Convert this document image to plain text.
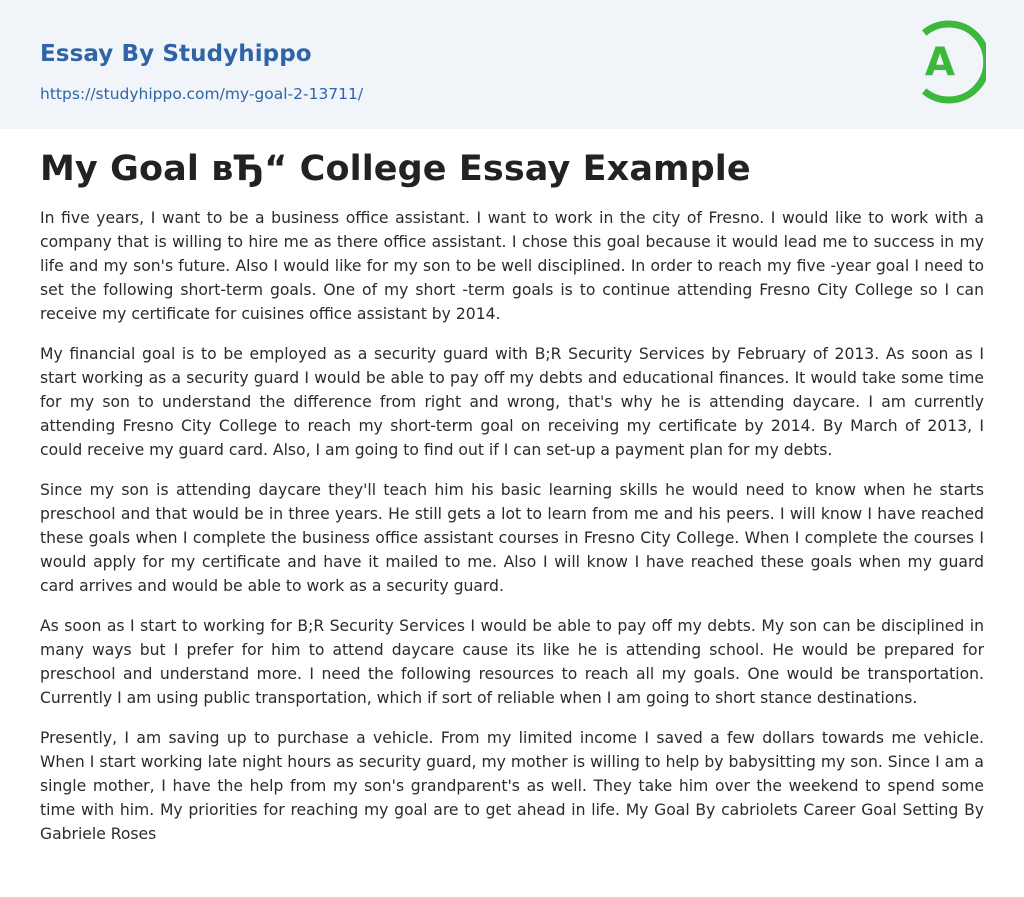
Essay By Studyhippo
https://studyhippo.com/my-goal-2-13711/
A
My Goal вЂ“ College Essay Example

In five years, I want to be a business office assistant. I want to work in the city of Fresno. I would like to work with a company that is willing to hire me as there office assistant. I chose this goal because it would lead me to success in my life and my son's future. Also I would like for my son to be well disciplined. In order to reach my five -year goal I need to set the following short-term goals. One of my short -term goals is to continue attending Fresno City College so I can receive my certificate for cuisines office assistant by 2014.

My financial goal is to be employed as a security guard with B;R Security Services by February of 2013. As soon as I start working as a security guard I would be able to pay off my debts and educational finances. It would take some time for my son to understand the difference from right and wrong, that's why he is attending daycare. I am currently attending Fresno City College to reach my short-term goal on receiving my certificate by 2014. By March of 2013, I could receive my guard card. Also, I am going to find out if I can set-up a payment plan for my debts.

Since my son is attending daycare they'll teach him his basic learning skills he would need to know when he starts preschool and that would be in three years. He still gets a lot to learn from me and his peers. I will know I have reached these goals when I complete the business office assistant courses in Fresno City College. When I complete the courses I would apply for my certificate and have it mailed to me. Also I will know I have reached these goals when my guard card arrives and would be able to work as a security guard.

As soon as I start to working for B;R Security Services I would be able to pay off my debts. My son can be disciplined in many ways but I prefer for him to attend daycare cause its like he is attending school. He would be prepared for preschool and understand more. I need the following resources to reach all my goals. One would be transportation. Currently I am using public transportation, which if sort of reliable when I am going to short stance destinations.

Presently, I am saving up to purchase a vehicle. From my limited income I saved a few dollars towards me vehicle. When I start working late night hours as security guard, my mother is willing to help by babysitting my son. Since I am a single mother, I have the help from my son's grandparent's as well. They take him over the weekend to spend some time with him. My priorities for reaching my goal are to get ahead in life. My Goal By cabriolets Career Goal Setting By Gabriele Roses
